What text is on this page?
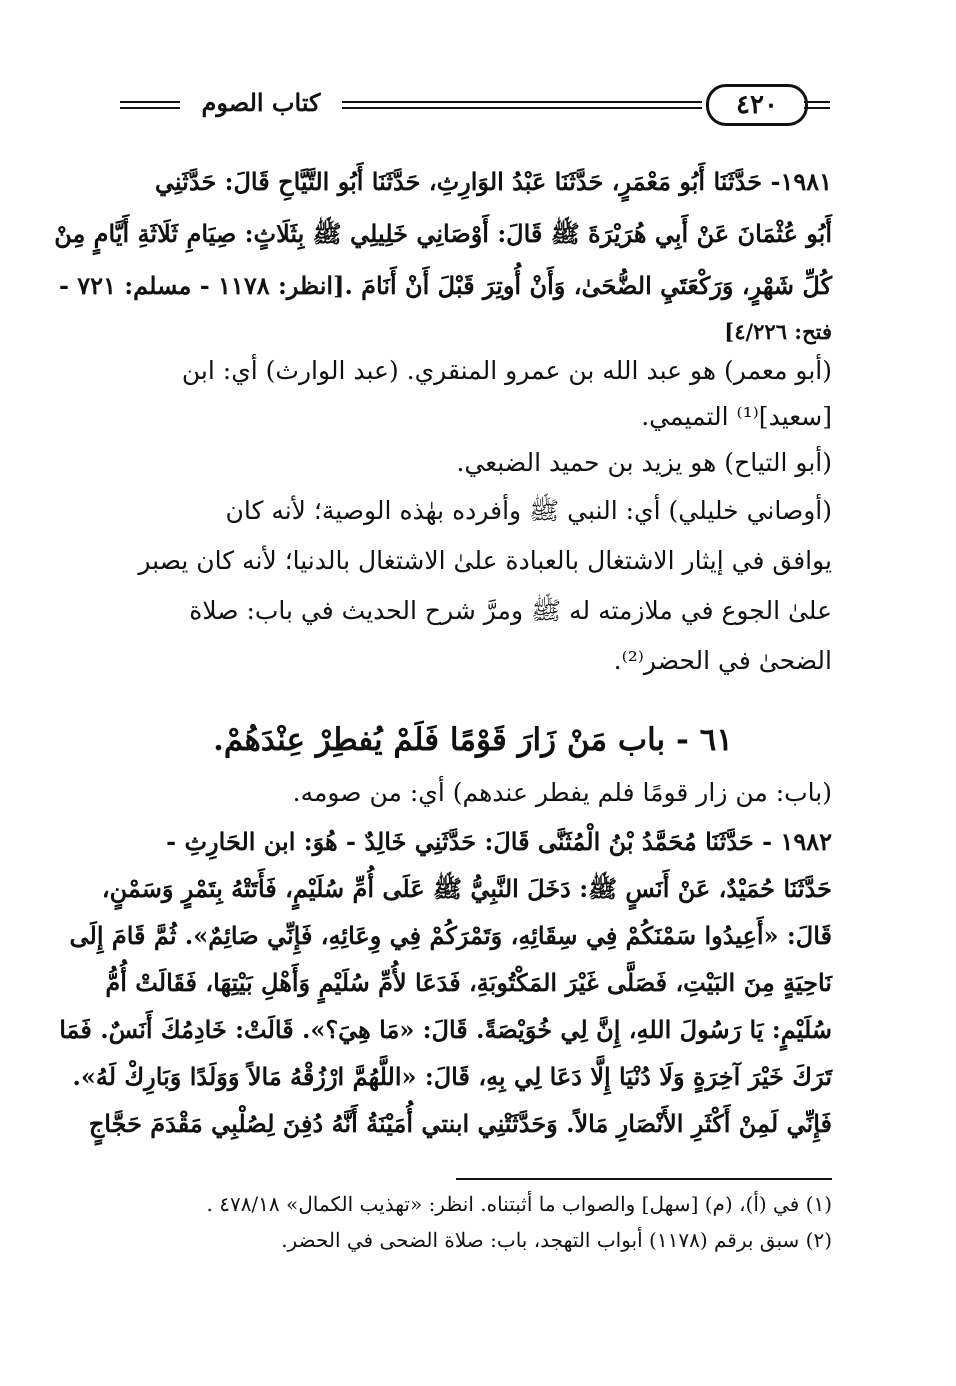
كتاب الصوم	٤٢٠
١٩٨١- حَدَّثَنَا أَبُو مَعْمَرٍ، حَدَّثَنَا عَبْدُ الوَارِثِ، حَدَّثَنَا أَبُو التَّيَّاحِ قَالَ: حَدَّثَنِي
أَبُو عُثْمَانَ عَنْ أَبِي هُرَيْرَةَ ﷺ قَالَ: أَوْصَانِي خَلِيلِي ﷺ بِثَلَاثٍ: صِيَامِ ثَلَاثَةِ أَيَّامٍ مِنْ
كُلِّ شَهْرٍ، وَرَكْعَتَيِ الضُّحَىٰ، وَأَنْ أُوتِرَ قَبْلَ أَنْ أَنَامَ .[انظر: ١١٧٨ - مسلم: ٧٢١ -
فتح: ٤/٢٢٦]
(أبو معمر) هو عبد الله بن عمرو المنقري. (عبد الوارث) أي: ابن
[سعيد]⁽¹⁾ التميمي.
(أبو التياح) هو يزيد بن حميد الضبعي.
(أوصاني خليلي) أي: النبي ﷺ وأفرده بهٰذه الوصية؛ لأنه كان
يوافق في إيثار الاشتغال بالعبادة علىٰ الاشتغال بالدنيا؛ لأنه كان يصبر
علىٰ الجوع في ملازمته له ﷺ ومرَّ شرح الحديث في باب: صلاة
الضحىٰ في الحضر⁽²⁾.
٦١ - باب مَنْ زَارَ قَوْمًا فَلَمْ يُفطِرْ عِنْدَهُمْ.
(باب: من زار قومًا فلم يفطر عندهم) أي: من صومه.
١٩٨٢ - حَدَّثَنَا مُحَمَّدُ بْنُ الْمُثَنَّى قَالَ: حَدَّثَنِي خَالِدٌ - هُوَ: ابن الحَارِثِ -
حَدَّثَنَا حُمَيْدٌ، عَنْ أَنَسٍ ﷺ: دَخَلَ النَّبِيُّ ﷺ عَلَى أُمِّ سُلَيْمٍ، فَأَتَتْهُ بِتَمْرٍ وَسَمْنٍ،
قَالَ: «أَعِيدُوا سَمْنَكُمْ فِي سِقَائِهِ، وَتَمْرَكُمْ فِي وِعَائِهِ، فَإِنِّي صَائِمٌ». ثُمَّ قَامَ إِلَى
نَاحِيَةٍ مِنَ البَيْتِ، فَصَلَّى غَيْرَ المَكْتُوبَةِ، فَدَعَا لأُمِّ سُلَيْمٍ وَأَهْلِ بَيْتِهَا، فَقَالَتْ أُمُّ
سُلَيْمٍ: يَا رَسُولَ اللهِ، إِنَّ لِي خُوَيْصَةً. قَالَ: «مَا هِيَ؟». قَالَتْ: خَادِمُكَ أَنَسٌ. فَمَا
تَرَكَ خَيْرَ آخِرَةٍ وَلَا دُنْيَا إِلَّا دَعَا لِي بِهِ، قَالَ: «اللَّهُمَّ ارْزُقْهُ مَالاً وَوَلَدًا وَبَارِكْ لَهُ».
فَإِنِّي لَمِنْ أَكْثَرِ الأَنْصَارِ مَالاً. وَحَدَّثَتْنِي ابنتي أُمَيْنَةُ أَنَّهُ دُفِنَ لِصُلْبِي مَقْدَمَ حَجَّاجٍ
(١) في (أ)، (م) [سهل] والصواب ما أثبتناه. انظر: «تهذيب الكمال» ٤٧٨/١٨ .
(٢) سبق برقم (١١٧٨) أبواب التهجد، باب: صلاة الضحى في الحضر.
